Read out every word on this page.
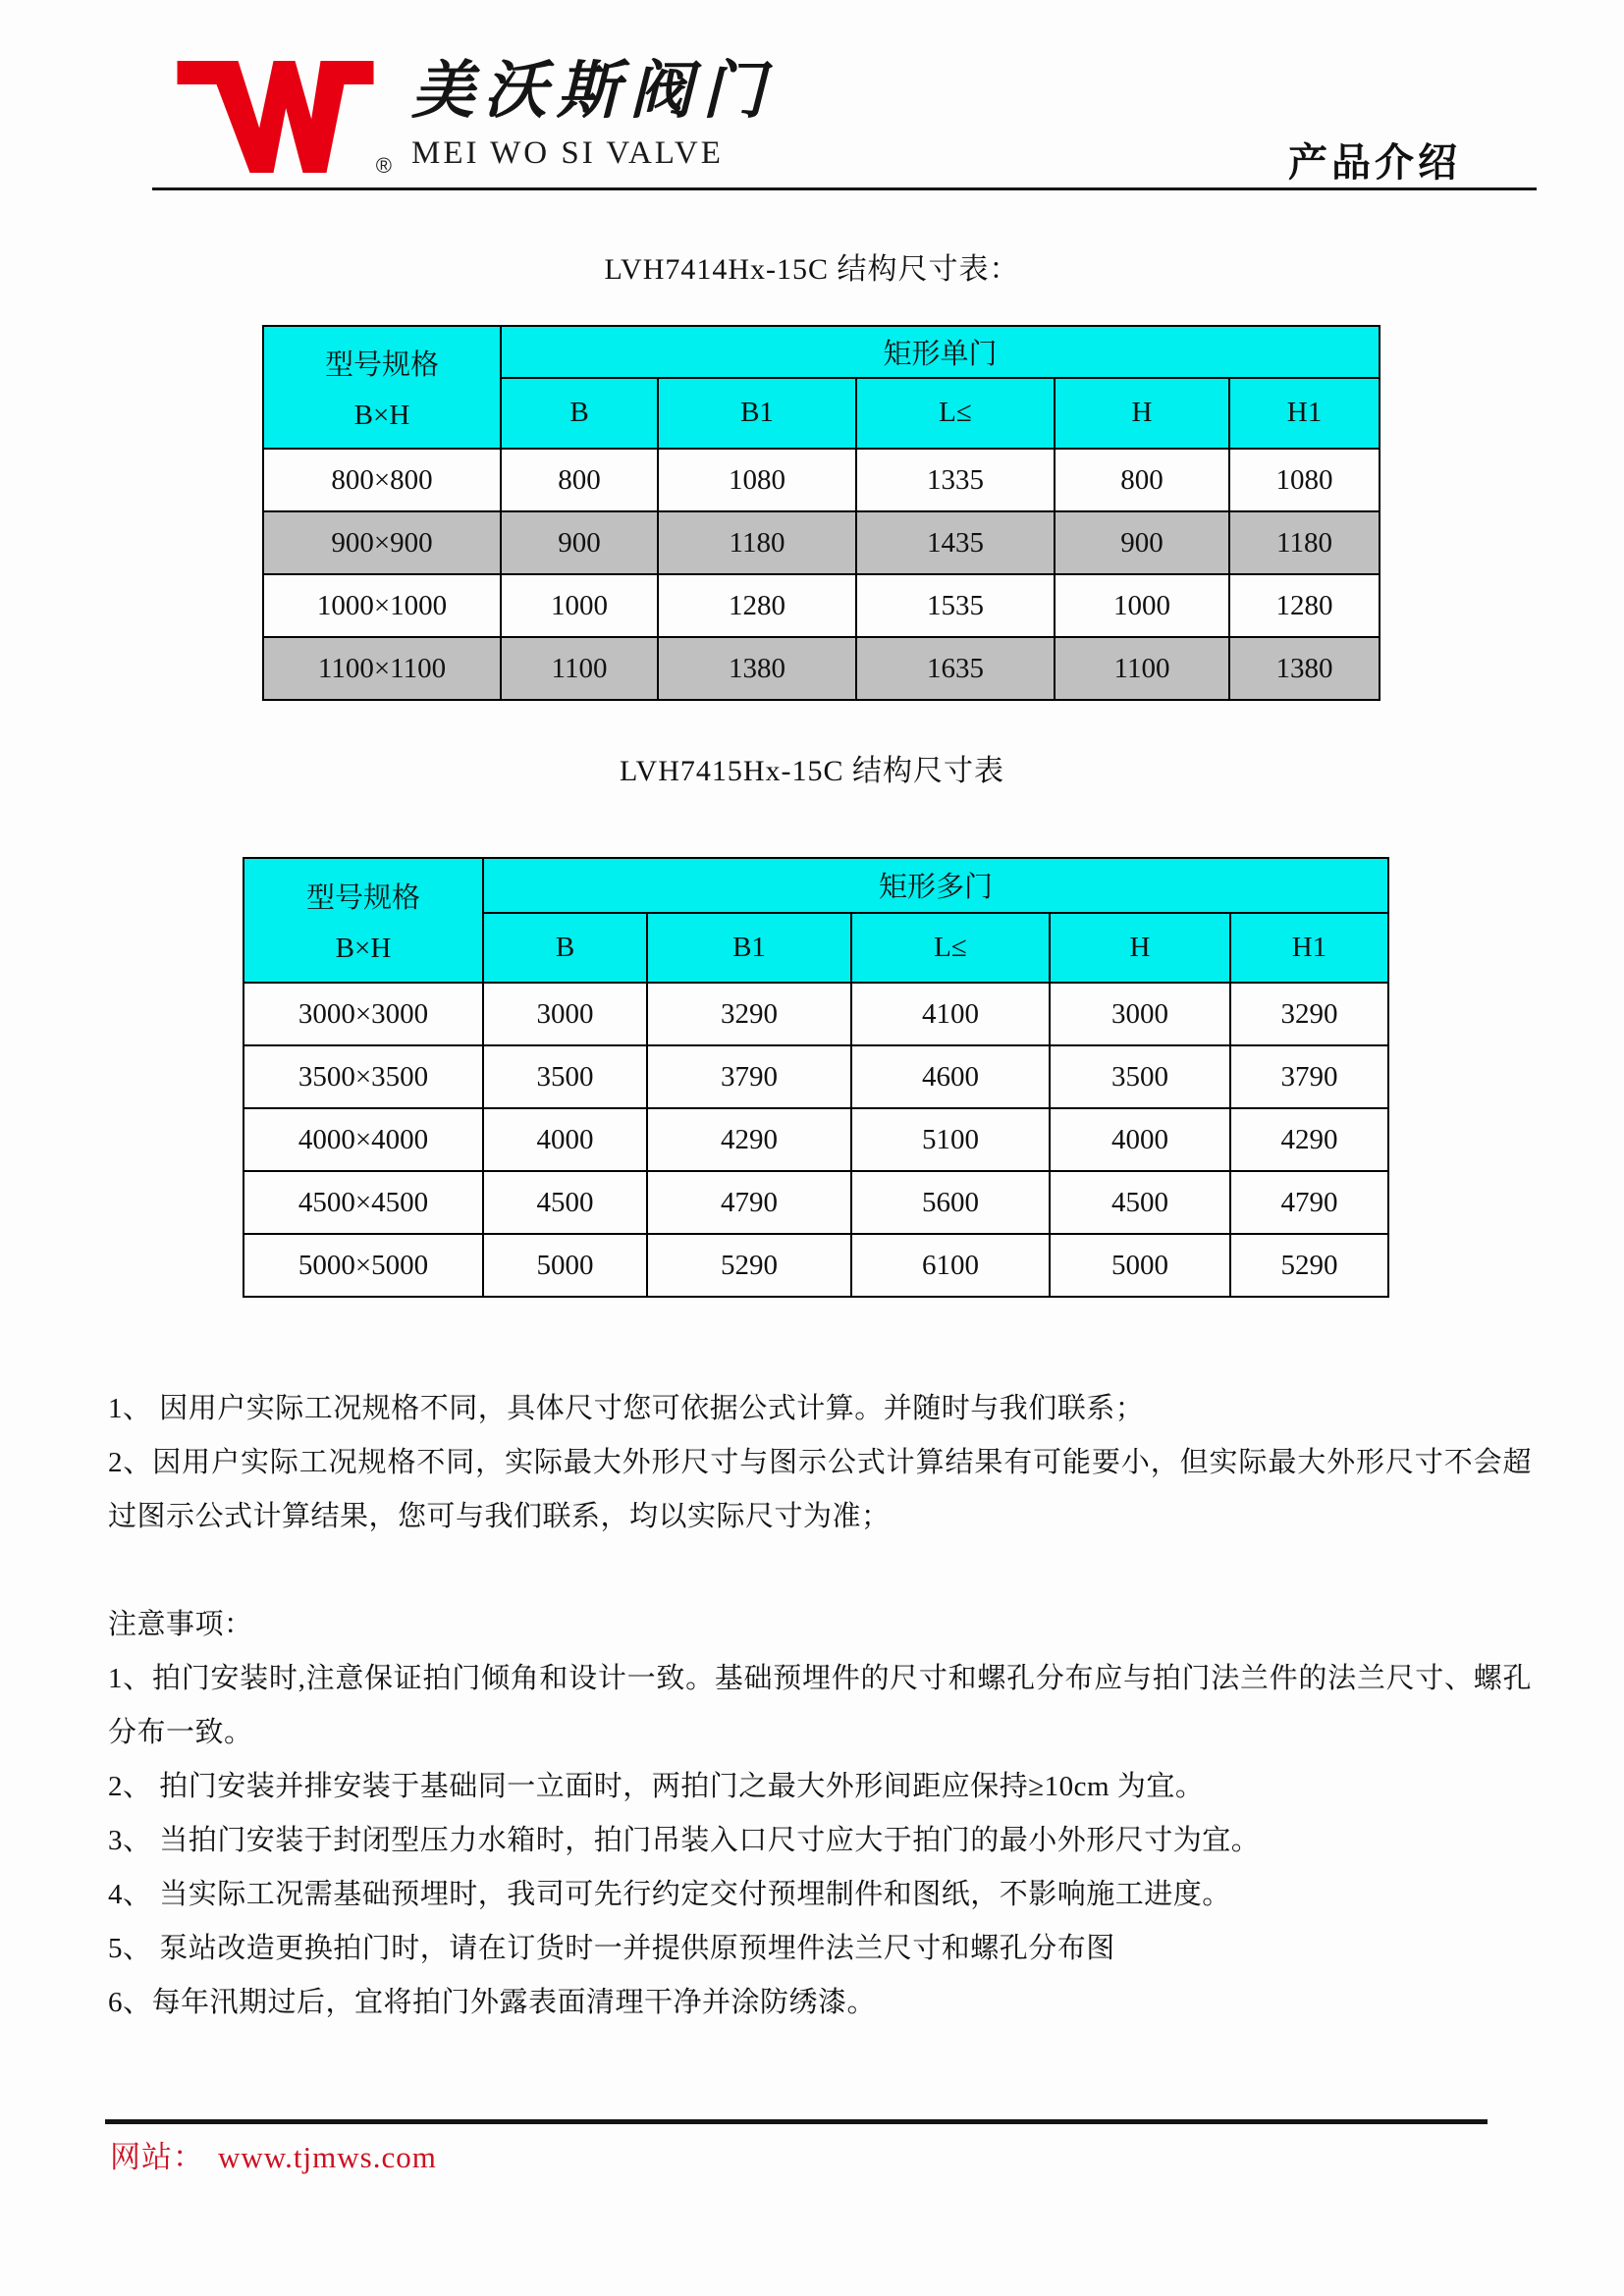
®
美沃斯阀门
MEI WO SI VALVE	产品介绍
LVH7414Hx-15C 结构尺寸表：
型号规格
B×H	矩形单门				
	B	B1	L≤	H	H1
800×800	800	1080	1335	800	1080
900×900	900	1180	1435	900	1180
1000×1000	1000	1280	1535	1000	1280
1100×1100	1100	1380	1635	1100	1380
LVH7415Hx-15C 结构尺寸表
型号规格
B×H	矩形多门				
	B	B1	L≤	H	H1
3000×3000	3000	3290	4100	3000	3290
3500×3500	3500	3790	4600	3500	3790
4000×4000	4000	4290	5100	4000	4290
4500×4500	4500	4790	5600	4500	4790
5000×5000	5000	5290	6100	5000	5290

1、 因用户实际工况规格不同，具体尺寸您可依据公式计算。并随时与我们联系；

2、因用户实际工况规格不同，实际最大外形尺寸与图示公式计算结果有可能要小，但实际最大外形尺寸不会超过图示公式计算结果，您可与我们联系，均以实际尺寸为准；

注意事项：

1、拍门安装时,注意保证拍门倾角和设计一致。基础预埋件的尺寸和螺孔分布应与拍门法兰件的法兰尺寸、螺孔分布一致。

2、 拍门安装并排安装于基础同一立面时，两拍门之最大外形间距应保持≥10cm 为宜。

3、 当拍门安装于封闭型压力水箱时，拍门吊装入口尺寸应大于拍门的最小外形尺寸为宜。

4、 当实际工况需基础预埋时，我司可先行约定交付预埋制件和图纸，不影响施工进度。

5、 泵站改造更换拍门时，请在订货时一并提供原预埋件法兰尺寸和螺孔分布图

6、每年汛期过后，宜将拍门外露表面清理干净并涂防绣漆。

网站： www.tjmws.com
